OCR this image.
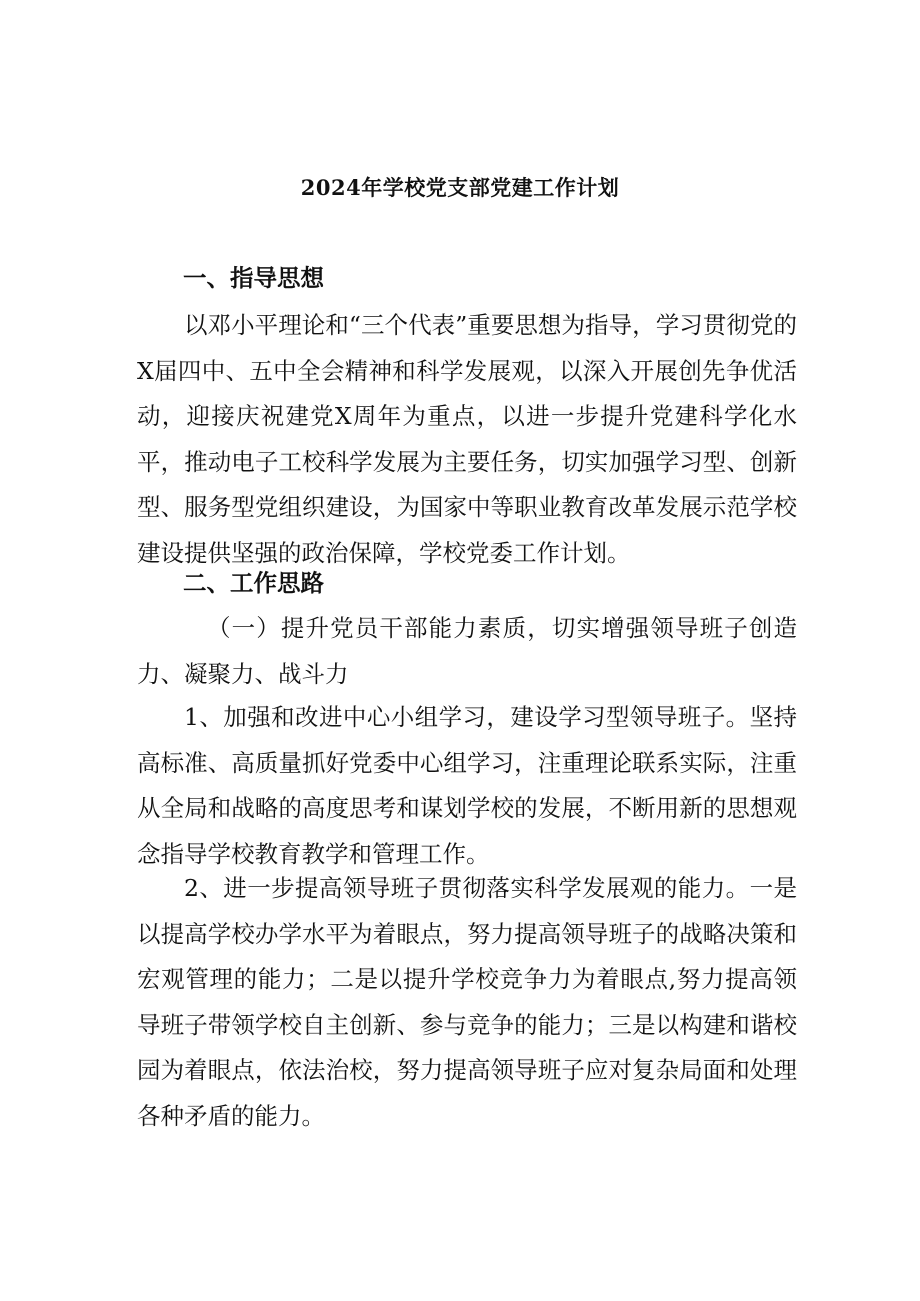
2024年学校党支部党建工作计划
一、指导思想
以邓小平理论和“三个代表”重要思想为指导，学习贯彻党的X届四中、五中全会精神和科学发展观，以深入开展创先争优活动，迎接庆祝建党X周年为重点，以进一步提升党建科学化水平，推动电子工校科学发展为主要任务，切实加强学习型、创新型、服务型党组织建设，为国家中等职业教育改革发展示范学校建设提供坚强的政治保障，学校党委工作计划。
二、工作思路
（一）提升党员干部能力素质，切实增强领导班子创造力、凝聚力、战斗力
1、加强和改进中心小组学习，建设学习型领导班子。坚持高标准、高质量抓好党委中心组学习，注重理论联系实际，注重从全局和战略的高度思考和谋划学校的发展，不断用新的思想观念指导学校教育教学和管理工作。
2、进一步提高领导班子贯彻落实科学发展观的能力。一是以提高学校办学水平为着眼点，努力提高领导班子的战略决策和宏观管理的能力；二是以提升学校竞争力为着眼点,努力提高领导班子带领学校自主创新、参与竞争的能力；三是以构建和谐校园为着眼点，依法治校，努力提高领导班子应对复杂局面和处理各种矛盾的能力。
